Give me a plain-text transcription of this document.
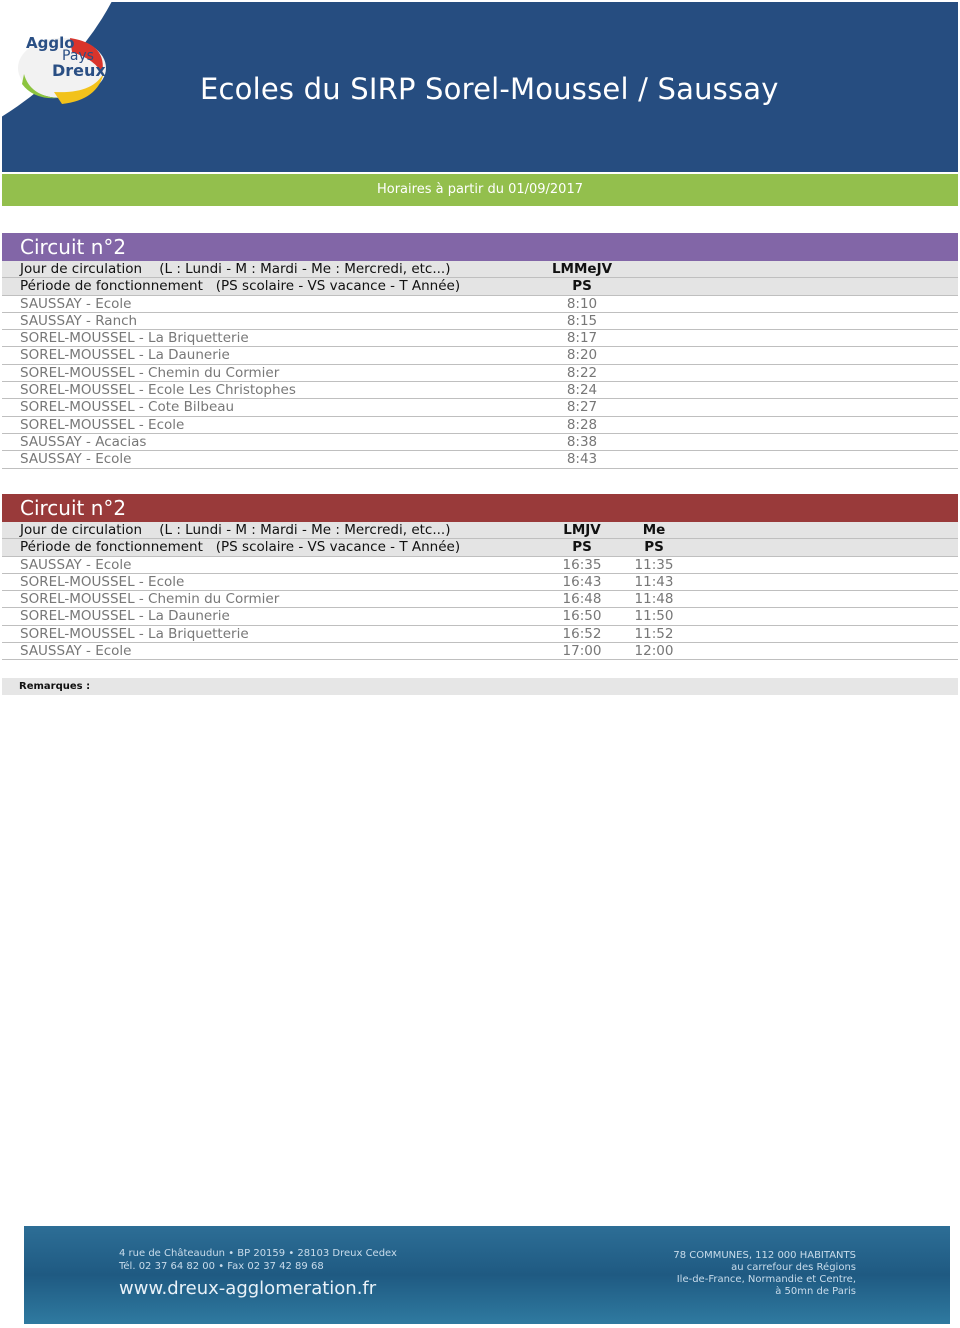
Agglo
Pays
Dreux
Ecoles du SIRP Sorel-Moussel / Saussay
Horaires à partir du 01/09/2017
Circuit n°2
Jour de circulation (L : Lundi - M : Mardi - Me : Mercredi, etc...)	LMMeJV
Période de fonctionnement (PS scolaire - VS vacance - T Année)	PS
SAUSSAY - Ecole	8:10
SAUSSAY - Ranch	8:15
SOREL-MOUSSEL - La Briquetterie	8:17
SOREL-MOUSSEL - La Daunerie	8:20
SOREL-MOUSSEL - Chemin du Cormier	8:22
SOREL-MOUSSEL - Ecole Les Christophes	8:24
SOREL-MOUSSEL - Cote Bilbeau	8:27
SOREL-MOUSSEL - Ecole	8:28
SAUSSAY - Acacias	8:38
SAUSSAY - Ecole	8:43
Circuit n°2
Jour de circulation (L : Lundi - M : Mardi - Me : Mercredi, etc...)	LMJV	Me
Période de fonctionnement (PS scolaire - VS vacance - T Année)	PS	PS
SAUSSAY - Ecole	16:35	11:35
SOREL-MOUSSEL - Ecole	16:43	11:43
SOREL-MOUSSEL - Chemin du Cormier	16:48	11:48
SOREL-MOUSSEL - La Daunerie	16:50	11:50
SOREL-MOUSSEL - La Briquetterie	16:52	11:52
SAUSSAY - Ecole	17:00	12:00
Remarques :
4 rue de Châteaudun • BP 20159 • 28103 Dreux Cedex
Tél. 02 37 64 82 00 • Fax 02 37 42 89 68
www.dreux-agglomeration.fr
78 COMMUNES, 112 000 HABITANTS
au carrefour des Régions
Ile-de-France, Normandie et Centre,
à 50mn de Paris
